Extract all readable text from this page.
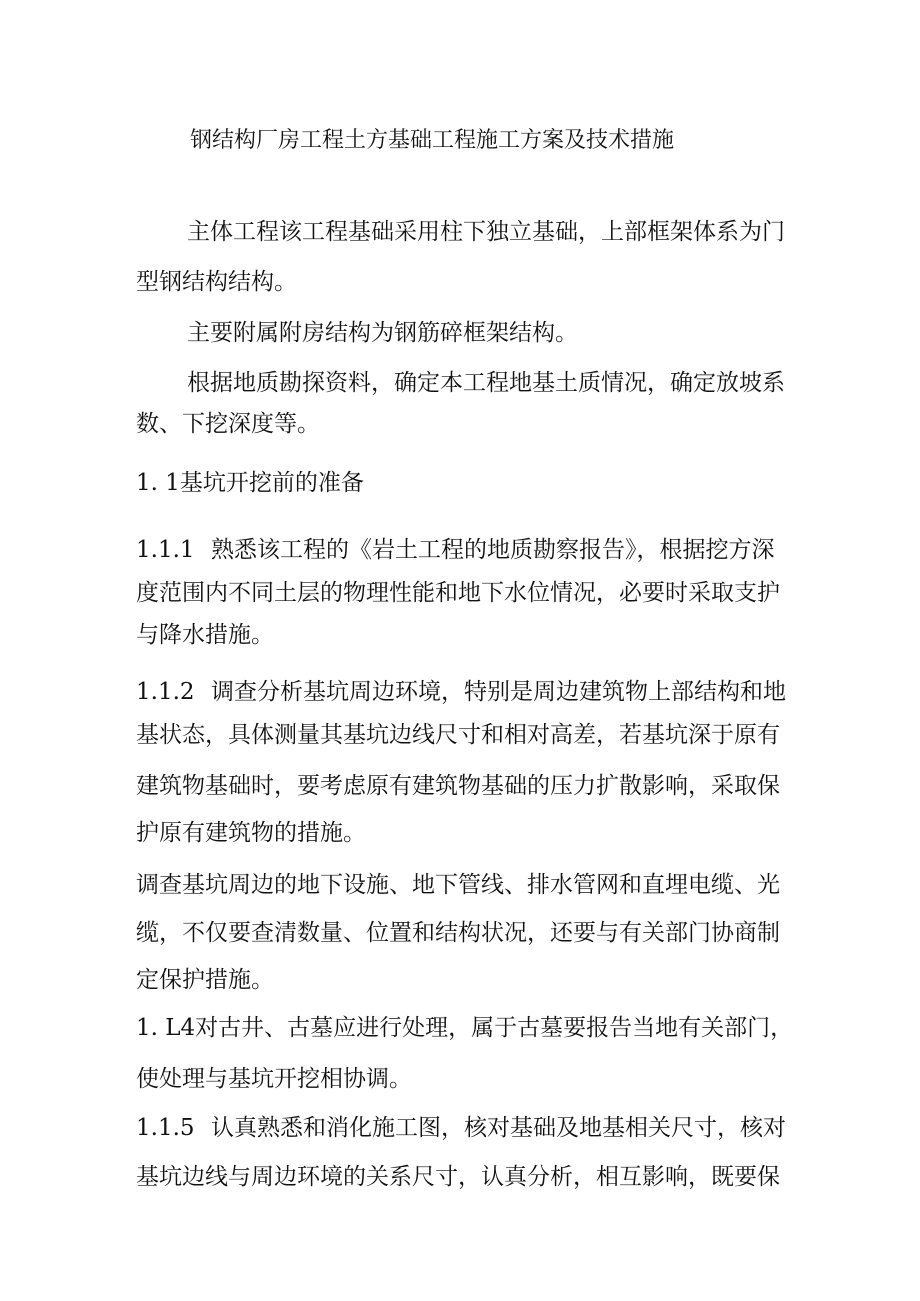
钢结构厂房工程土方基础工程施工方案及技术措施

主体工程该工程基础采用柱下独立基础，上部框架体系为门

型钢结构结构。

主要附属附房结构为钢筋碎框架结构。

根据地质勘探资料，确定本工程地基土质情况，确定放坡系

数、下挖深度等。

1. 1基坑开挖前的准备

1.1.1 熟悉该工程的《岩土工程的地质勘察报告》，根据挖方深

度范围内不同土层的物理性能和地下水位情况，必要时采取支护

与降水措施。

1.1.2 调查分析基坑周边环境，特别是周边建筑物上部结构和地

基状态，具体测量其基坑边线尺寸和相对高差，若基坑深于原有

建筑物基础时，要考虑原有建筑物基础的压力扩散影响，采取保

护原有建筑物的措施。

调查基坑周边的地下设施、地下管线、排水管网和直埋电缆、光

缆，不仅要查清数量、位置和结构状况，还要与有关部门协商制

定保护措施。

1. L4对古井、古墓应进行处理，属于古墓要报告当地有关部门，

使处理与基坑开挖相协调。

1.1.5 认真熟悉和消化施工图，核对基础及地基相关尺寸，核对

基坑边线与周边环境的关系尺寸，认真分析，相互影响，既要保
